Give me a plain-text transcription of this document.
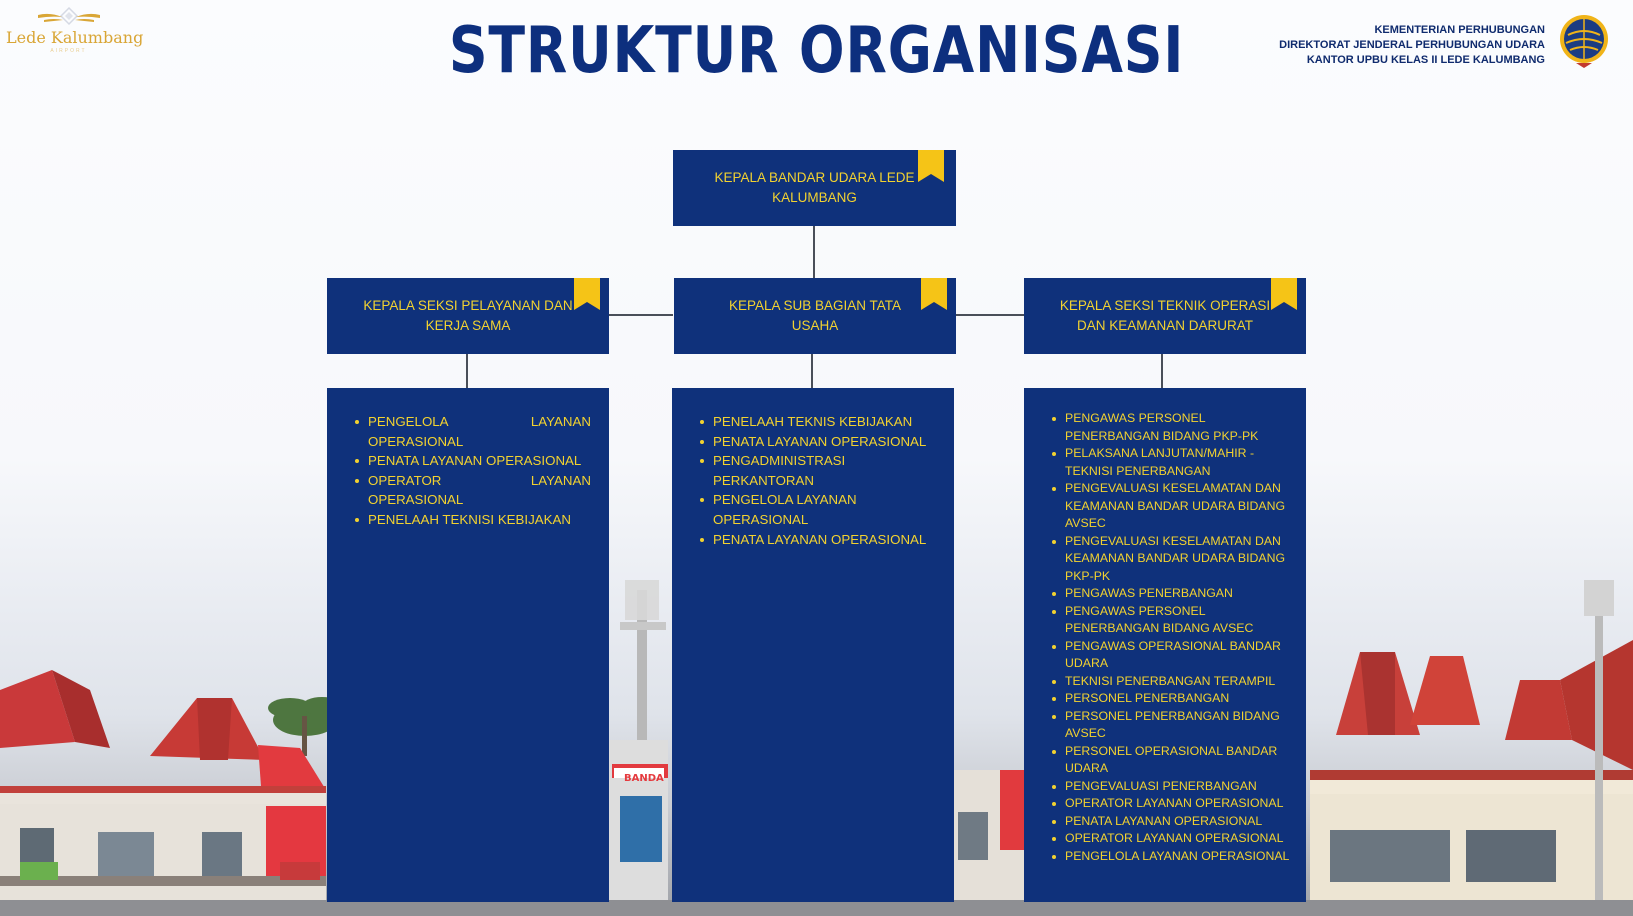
BANDA
Lede Kalumbang
AIRPORT	STRUKTUR ORGANISASI	KEMENTERIAN PERHUBUNGAN
DIREKTORAT JENDERAL PERHUBUNGAN UDARA
KANTOR UPBU KELAS II LEDE KALUMBANG
KEPALA BANDAR UDARA LEDE KALUMBANG
KEPALA SEKSI PELAYANAN DAN KERJA SAMA
KEPALA SUB BAGIAN TATA USAHA
KEPALA SEKSI TEKNIK OPERASI DAN KEAMANAN DARURAT
PENGELOLA LAYANAN OPERASIONAL
PENATA LAYANAN OPERASIONAL
OPERATOR LAYANAN OPERASIONAL
PENELAAH TEKNISI KEBIJAKAN
PENELAAH TEKNIS KEBIJAKAN
PENATA LAYANAN OPERASIONAL
PENGADMINISTRASI PERKANTORAN
PENGELOLA LAYANAN OPERASIONAL
PENATA LAYANAN OPERASIONAL
PENGAWAS PERSONEL PENERBANGAN BIDANG PKP-PK
PELAKSANA LANJUTAN/MAHIR - TEKNISI PENERBANGAN
PENGEVALUASI KESELAMATAN DAN KEAMANAN BANDAR UDARA BIDANG AVSEC
PENGEVALUASI KESELAMATAN DAN KEAMANAN BANDAR UDARA BIDANG PKP-PK
PENGAWAS PENERBANGAN
PENGAWAS PERSONEL PENERBANGAN BIDANG AVSEC
PENGAWAS OPERASIONAL BANDAR UDARA
TEKNISI PENERBANGAN TERAMPIL
PERSONEL PENERBANGAN
PERSONEL PENERBANGAN BIDANG AVSEC
PERSONEL OPERASIONAL BANDAR UDARA
PENGEVALUASI PENERBANGAN
OPERATOR LAYANAN OPERASIONAL
PENATA LAYANAN OPERASIONAL
OPERATOR LAYANAN OPERASIONAL
PENGELOLA LAYANAN OPERASIONAL
